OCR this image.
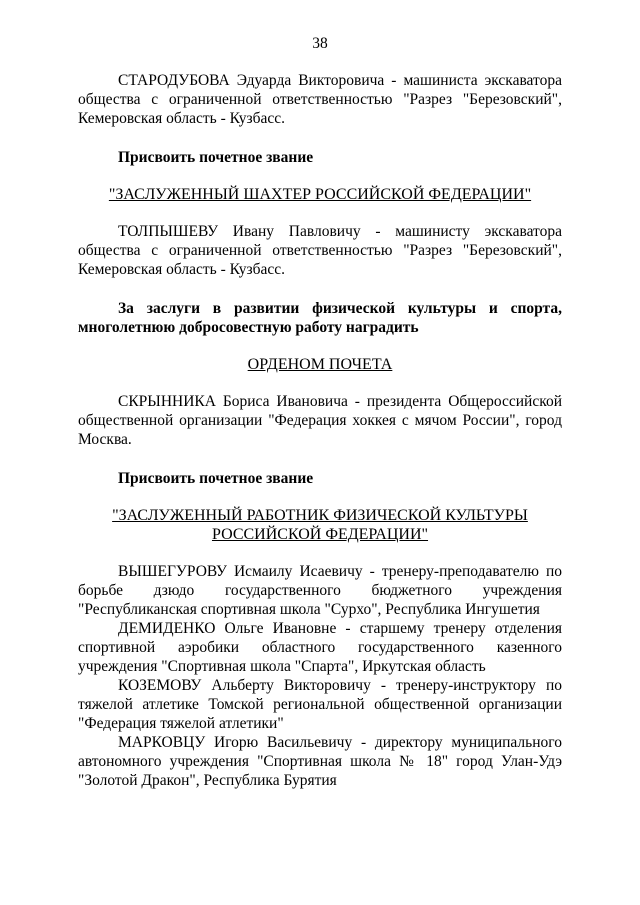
38

СТАРОДУБОВА Эдуарда Викторовича - машиниста экскаватора общества с ограниченной ответственностью "Разрез "Березовский", Кемеровская область - Кузбасс.

Присвоить почетное звание

"ЗАСЛУЖЕННЫЙ ШАХТЕР РОССИЙСКОЙ ФЕДЕРАЦИИ"

ТОЛПЫШЕВУ Ивану Павловичу - машинисту экскаватора общества с ограниченной ответственностью "Разрез "Березовский", Кемеровская область - Кузбасс.

За заслуги в развитии физической культуры и спорта, многолетнюю добросовестную работу наградить

ОРДЕНОМ ПОЧЕТА

СКРЫННИКА Бориса Ивановича - президента Общероссийской общественной организации "Федерация хоккея с мячом России", город Москва.

Присвоить почетное звание

"ЗАСЛУЖЕННЫЙ РАБОТНИК ФИЗИЧЕСКОЙ КУЛЬТУРЫ

РОССИЙСКОЙ ФЕДЕРАЦИИ"

ВЫШЕГУРОВУ Исмаилу Исаевичу - тренеру-преподавателю по борьбе дзюдо государственного бюджетного учреждения "Республиканская спортивная школа "Сурхо", Республика Ингушетия

ДЕМИДЕНКО Ольге Ивановне - старшему тренеру отделения спортивной аэробики областного государственного казенного учреждения "Спортивная школа "Спарта", Иркутская область

КОЗЕМОВУ Альберту Викторовичу - тренеру-инструктору по тяжелой атлетике Томской региональной общественной организации "Федерация тяжелой атлетики"

МАРКОВЦУ Игорю Васильевичу - директору муниципального автономного учреждения "Спортивная школа № 18" город Улан-Удэ "Золотой Дракон", Республика Бурятия
